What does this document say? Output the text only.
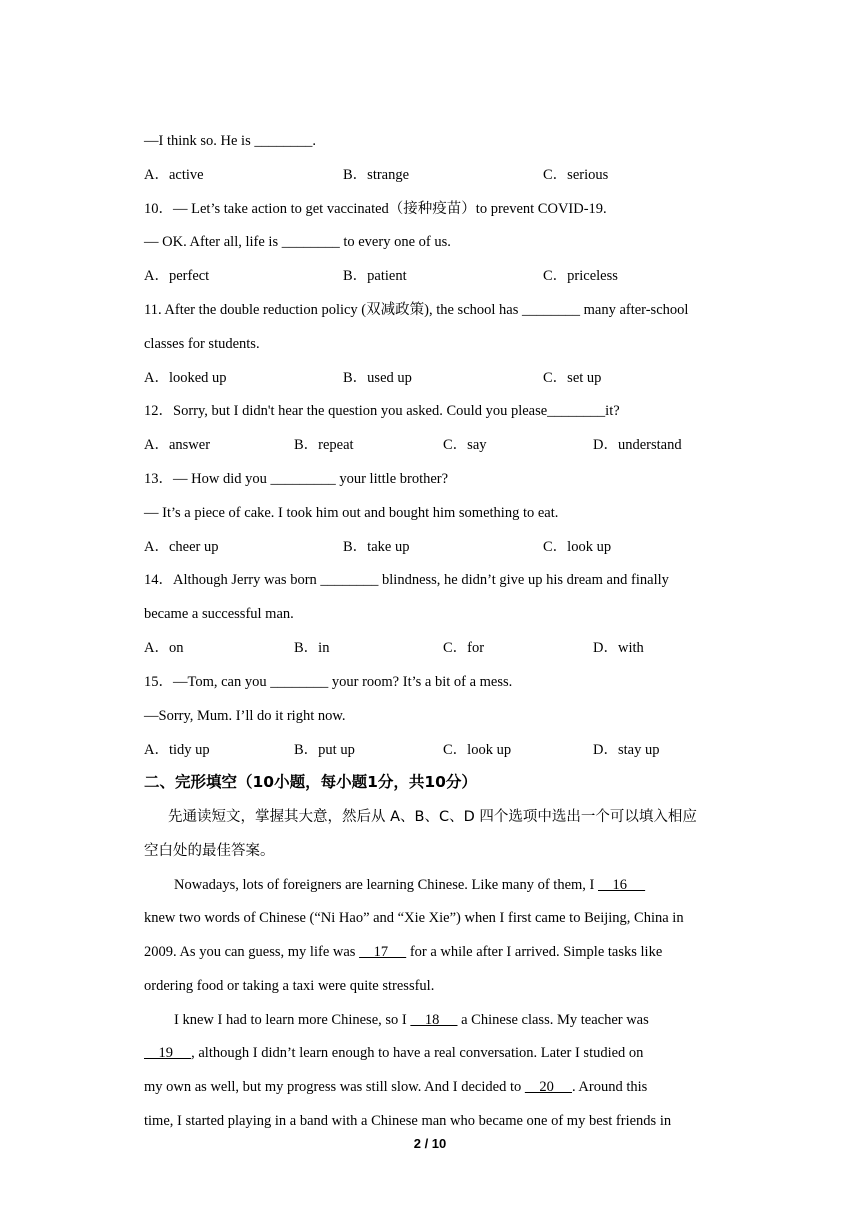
—I think so. He is ________.
A．active	B．strange	C．serious
10．— Let’s take action to get vaccinated（接种疫苗）to prevent COVID-19.
— OK. After all, life is ________ to every one of us.
A．perfect	B．patient	C．priceless
11. After the double reduction policy (双减政策), the school has ________ many after-school
classes for students.
A．looked up	B．used up	C．set up
12．Sorry, but I didn't hear the question you asked. Could you please________it?
A．answer	B．repeat	C．say	D．understand
13．— How did you _________ your little brother?
— It’s a piece of cake. I took him out and bought him something to eat.
A．cheer up	B．take up	C．look up
14．Although Jerry was born ________ blindness, he didn’t give up his dream and finally
became a successful man.
A．on	B．in	C．for	D．with
15．—Tom, can you ________ your room? It’s a bit of a mess.
—Sorry, Mum. I’ll do it right now.
A．tidy up	B．put up	C．look up	D．stay up
二、完形填空（10小题，每小题1分，共10分）
先通读短文，掌握其大意，然后从 A、B、C、D 四个选项中选出一个可以填入相应
空白处的最佳答案。
Nowadays, lots of foreigners are learning Chinese. Like many of them, I     16
knew two words of Chinese (“Ni Hao” and “Xie Xie”) when I first came to Beijing, China in
2009. As you can guess, my life was     17      for a while after I arrived. Simple tasks like
ordering food or taking a taxi were quite stressful.
I knew I had to learn more Chinese, so I     18      a Chinese class. My teacher was
19     , although I didn’t learn enough to have a real conversation. Later I studied on
my own as well, but my progress was still slow. And I decided to     20     . Around this
time, I started playing in a band with a Chinese man who became one of my best friends in
2 / 10
